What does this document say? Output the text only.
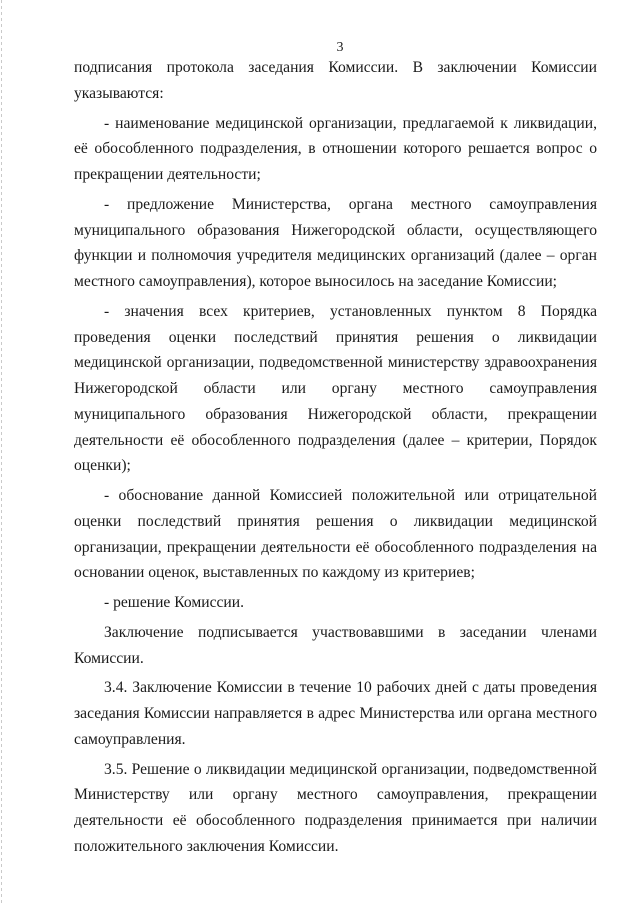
3

подписания протокола заседания Комиссии. В заключении Комиссии указываются:

- наименование медицинской организации, предлагаемой к ликвидации, её обособленного подразделения, в отношении которого решается вопрос о прекращении деятельности;

- предложение Министерства, органа местного самоуправления муниципального образования Нижегородской области, осуществляющего функции и полномочия учредителя медицинских организаций (далее – орган местного самоуправления), которое выносилось на заседание Комиссии;

- значения всех критериев, установленных пунктом 8 Порядка проведения оценки последствий принятия решения о ликвидации медицинской организации, подведомственной министерству здравоохранения Нижегородской области или органу местного самоуправления муниципального образования Нижегородской области, прекращении деятельности её обособленного подразделения (далее – критерии, Порядок оценки);

- обоснование данной Комиссией положительной или отрицательной оценки последствий принятия решения о ликвидации медицинской организации, прекращении деятельности её обособленного подразделения на основании оценок, выставленных по каждому из критериев;

- решение Комиссии.

Заключение подписывается участвовавшими в заседании членами Комиссии.

3.4. Заключение Комиссии в течение 10 рабочих дней с даты проведения заседания Комиссии направляется в адрес Министерства или органа местного самоуправления.

3.5. Решение о ликвидации медицинской организации, подведомственной Министерству или органу местного самоуправления, прекращении деятельности её обособленного подразделения принимается при наличии положительного заключения Комиссии.
